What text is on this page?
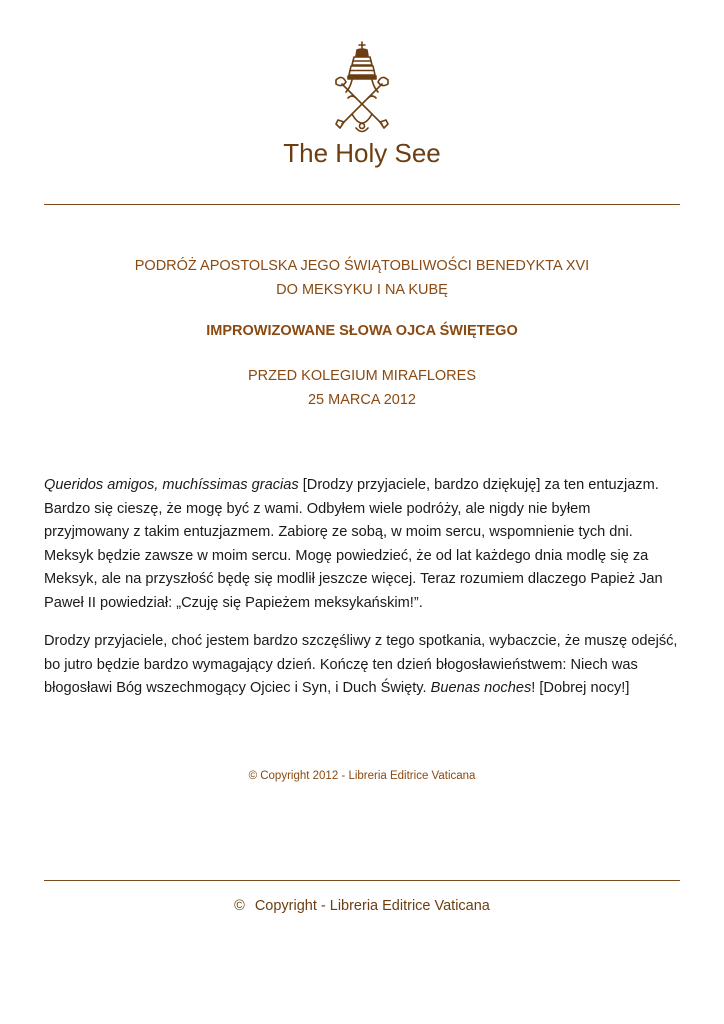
The Holy See
PODRÓŻ APOSTOLSKA JEGO ŚWIĄTOBLIWOŚCI BENEDYKTA XVI
DO MEKSYKU I NA KUBĘ
IMPROWIZOWANE SŁOWA OJCA ŚWIĘTEGO
PRZED KOLEGIUM MIRAFLORES
25 MARCA 2012
Queridos amigos, muchíssimas gracias [Drodzy przyjaciele, bardzo dziękuję] za ten entuzjazm.
Bardzo się cieszę, że mogę być z wami. Odbyłem wiele podróży, ale nigdy nie byłem
przyjmowany z takim entuzjazmem. Zabiorę ze sobą, w moim sercu, wspomnienie tych dni.
Meksyk będzie zawsze w moim sercu. Mogę powiedzieć, że od lat każdego dnia modlę się za
Meksyk, ale na przyszłość będę się modlił jeszcze więcej. Teraz rozumiem dlaczego Papież Jan
Paweł II powiedział: „Czuję się Papieżem meksykańskim!”.
Drodzy przyjaciele, choć jestem bardzo szczęśliwy z tego spotkania, wybaczcie, że muszę odejść,
bo jutro będzie bardzo wymagający dzień. Kończę ten dzień błogosławieństwem: Niech was
błogosławi Bóg wszechmogący Ojciec i Syn, i Duch Święty. Buenas noches! [Dobrej nocy!]
© Copyright 2012 - Libreria Editrice Vaticana
© Copyright - Libreria Editrice Vaticana
